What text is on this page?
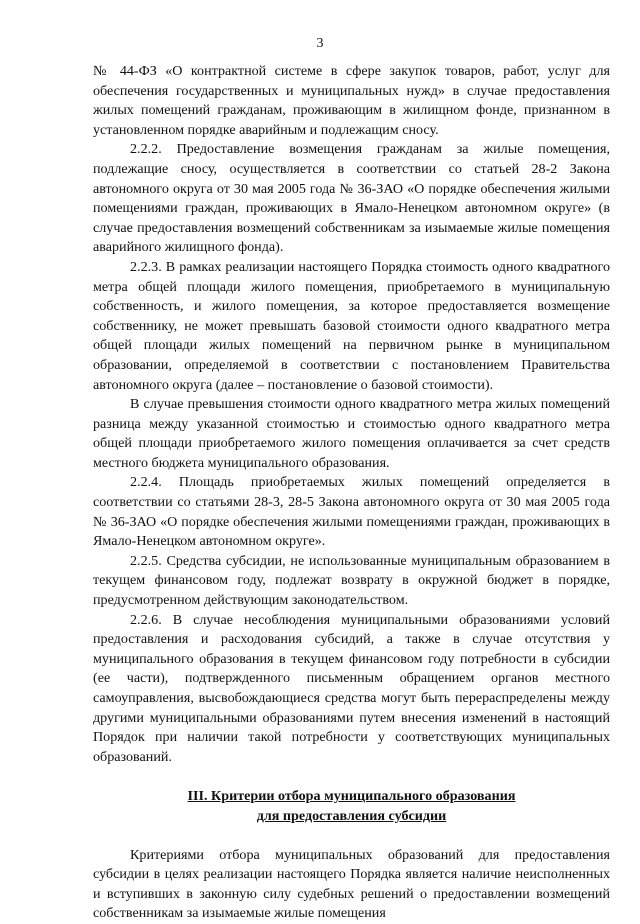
3

№ 44-ФЗ «О контрактной системе в сфере закупок товаров, работ, услуг для обеспечения государственных и муниципальных нужд» в случае предоставления жилых помещений гражданам, проживающим в жилищном фонде, признанном в установленном порядке аварийным и подлежащим сносу.

2.2.2. Предоставление возмещения гражданам за жилые помещения, подлежащие сносу, осуществляется в соответствии со статьей 28-2 Закона автономного округа от 30 мая 2005 года № 36-ЗАО «О порядке обеспечения жилыми помещениями граждан, проживающих в Ямало-Ненецком автономном округе» (в случае предоставления возмещений собственникам за изымаемые жилые помещения аварийного жилищного фонда).

2.2.3. В рамках реализации настоящего Порядка стоимость одного квадратного метра общей площади жилого помещения, приобретаемого в муниципальную собственность, и жилого помещения, за которое предоставляется возмещение собственнику, не может превышать базовой стоимости одного квадратного метра общей площади жилых помещений на первичном рынке в муниципальном образовании, определяемой в соответствии с постановлением Правительства автономного округа (далее – постановление о базовой стоимости).

В случае превышения стоимости одного квадратного метра жилых помещений разница между указанной стоимостью и стоимостью одного квадратного метра общей площади приобретаемого жилого помещения оплачивается за счет средств местного бюджета муниципального образования.

2.2.4. Площадь приобретаемых жилых помещений определяется в соответствии со статьями 28-3, 28-5 Закона автономного округа от 30 мая 2005 года № 36-ЗАО «О порядке обеспечения жилыми помещениями граждан, проживающих в Ямало-Ненецком автономном округе».

2.2.5. Средства субсидии, не использованные муниципальным образованием в текущем финансовом году, подлежат возврату в окружной бюджет в порядке, предусмотренном действующим законодательством.

2.2.6. В случае несоблюдения муниципальными образованиями условий предоставления и расходования субсидий, а также в случае отсутствия у муниципального образования в текущем финансовом году потребности в субсидии (ее части), подтвержденного письменным обращением органов местного самоуправления, высвобождающиеся средства могут быть перераспределены между другими муниципальными образованиями путем внесения изменений в настоящий Порядок при наличии такой потребности у соответствующих муниципальных образований.

III. Критерии отбора муниципального образования
для предоставления субсидии

Критериями отбора муниципальных образований для предоставления субсидии в целях реализации настоящего Порядка является наличие неисполненных и вступивших в законную силу судебных решений о предоставлении возмещений собственникам за изымаемые жилые помещения
